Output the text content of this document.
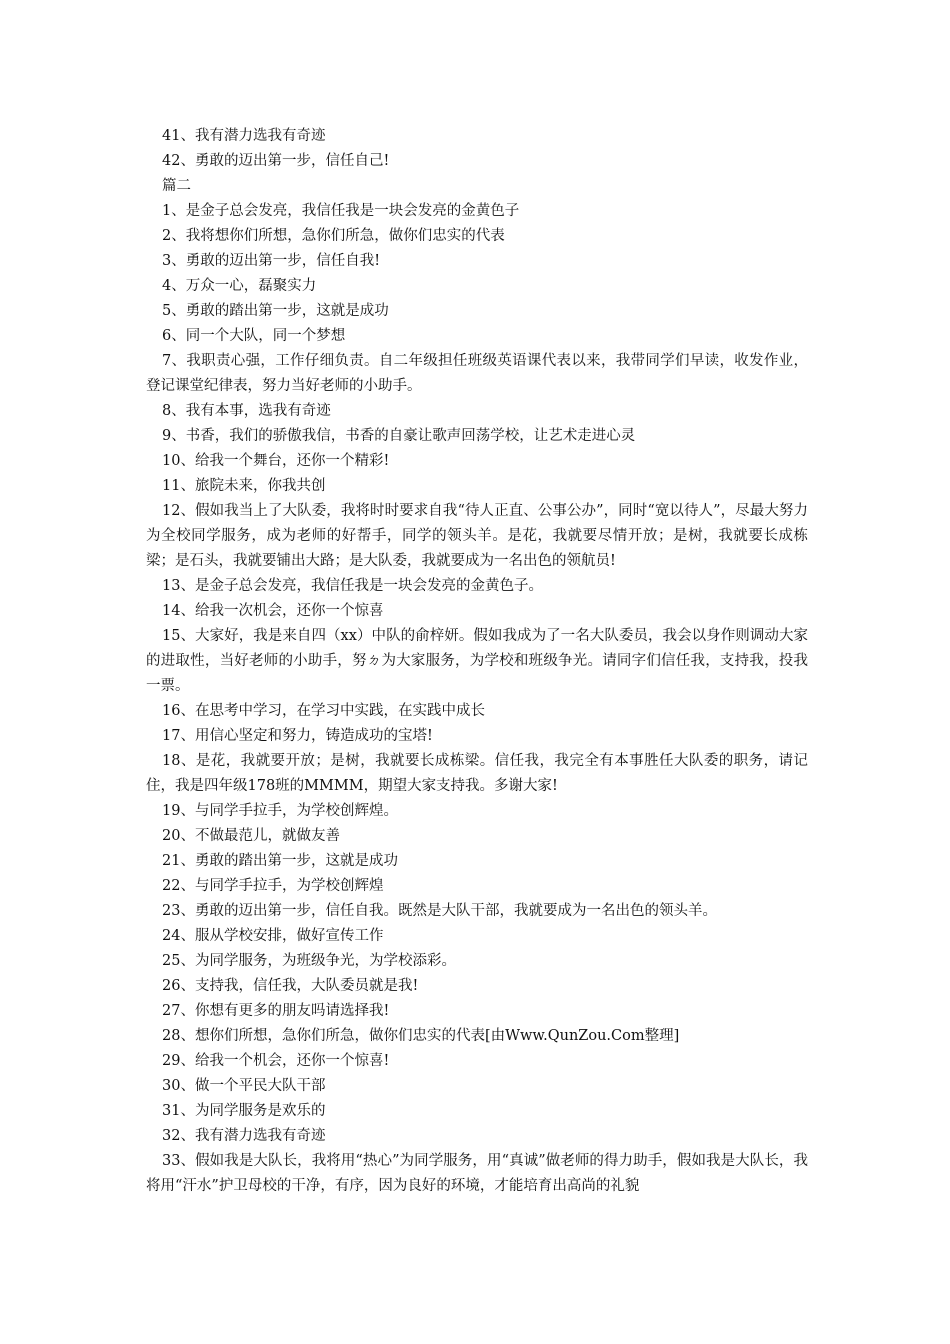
41、我有潜力选我有奇迹

42、勇敢的迈出第一步，信任自己!

篇二

1、是金子总会发亮，我信任我是一块会发亮的金黄色子

2、我将想你们所想，急你们所急，做你们忠实的代表

3、勇敢的迈出第一步，信任自我!

4、万众一心，磊聚实力

5、勇敢的踏出第一步，这就是成功

6、同一个大队，同一个梦想

7、我职责心强，工作仔细负责。自二年级担任班级英语课代表以来，我带同学们早读，收发作业，登记课堂纪律表，努力当好老师的小助手。

8、我有本事，选我有奇迹

9、书香，我们的骄傲我信，书香的自豪让歌声回荡学校，让艺术走进心灵

10、给我一个舞台，还你一个精彩!

11、旅院未来，你我共创

12、假如我当上了大队委，我将时时要求自我“待人正直、公事公办”，同时“宽以待人”，尽最大努力为全校同学服务，成为老师的好帮手，同学的领头羊。是花，我就要尽情开放；是树，我就要长成栋梁；是石头，我就要铺出大路；是大队委，我就要成为一名出色的领航员!

13、是金子总会发亮，我信任我是一块会发亮的金黄色子。

14、给我一次机会，还你一个惊喜

15、大家好，我是来自四（xx）中队的俞梓妍。假如我成为了一名大队委员，我会以身作则调动大家的进取性，当好老师的小助手，努ㄉ为大家服务，为学校和班级争光。请同字们信任我，支持我，投我一票。

16、在思考中学习，在学习中实践，在实践中成长

17、用信心坚定和努力，铸造成功的宝塔!

18、是花，我就要开放；是树，我就要长成栋梁。信任我，我完全有本事胜任大队委的职务，请记住，我是四年级178班的MMMM，期望大家支持我。多谢大家!

19、与同学手拉手，为学校创辉煌。

20、不做最范儿，就做友善

21、勇敢的踏出第一步，这就是成功

22、与同学手拉手，为学校创辉煌

23、勇敢的迈出第一步，信任自我。既然是大队干部，我就要成为一名出色的领头羊。

24、服从学校安排，做好宣传工作

25、为同学服务，为班级争光，为学校添彩。

26、支持我，信任我，大队委员就是我!

27、你想有更多的朋友吗请选择我!

28、想你们所想，急你们所急，做你们忠实的代表[由Www.QunZou.Com整理]

29、给我一个机会，还你一个惊喜!

30、做一个平民大队干部

31、为同学服务是欢乐的

32、我有潜力选我有奇迹

33、假如我是大队长，我将用“热心”为同学服务，用“真诚”做老师的得力助手，假如我是大队长，我将用“汗水”护卫母校的干净，有序，因为良好的环境，才能培育出高尚的礼貌
